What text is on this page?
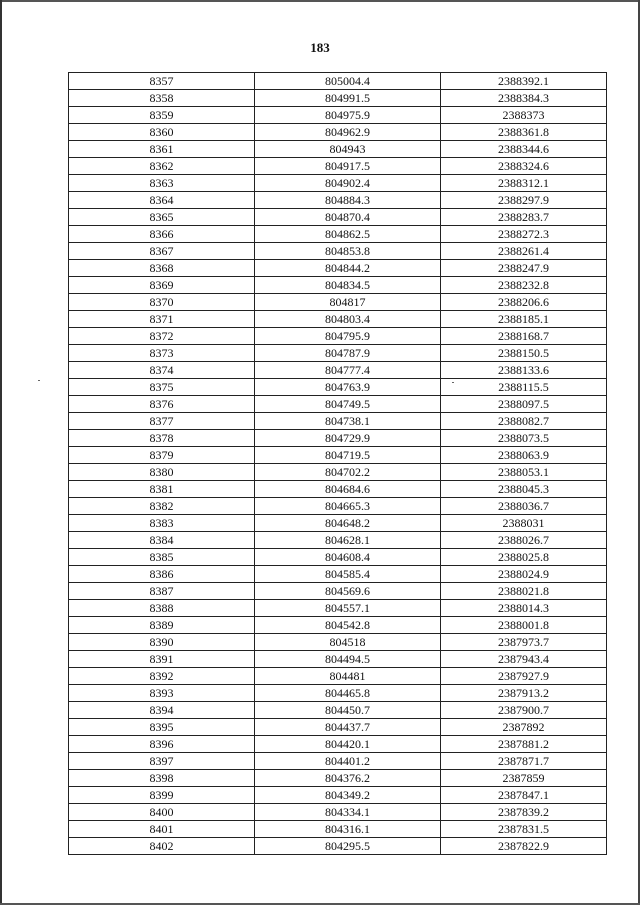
183
8357	805004.4	2388392.1
8358	804991.5	2388384.3
8359	804975.9	2388373
8360	804962.9	2388361.8
8361	804943	2388344.6
8362	804917.5	2388324.6
8363	804902.4	2388312.1
8364	804884.3	2388297.9
8365	804870.4	2388283.7
8366	804862.5	2388272.3
8367	804853.8	2388261.4
8368	804844.2	2388247.9
8369	804834.5	2388232.8
8370	804817	2388206.6
8371	804803.4	2388185.1
8372	804795.9	2388168.7
8373	804787.9	2388150.5
8374	804777.4	2388133.6
8375	804763.9	2388115.5
8376	804749.5	2388097.5
8377	804738.1	2388082.7
8378	804729.9	2388073.5
8379	804719.5	2388063.9
8380	804702.2	2388053.1
8381	804684.6	2388045.3
8382	804665.3	2388036.7
8383	804648.2	2388031
8384	804628.1	2388026.7
8385	804608.4	2388025.8
8386	804585.4	2388024.9
8387	804569.6	2388021.8
8388	804557.1	2388014.3
8389	804542.8	2388001.8
8390	804518	2387973.7
8391	804494.5	2387943.4
8392	804481	2387927.9
8393	804465.8	2387913.2
8394	804450.7	2387900.7
8395	804437.7	2387892
8396	804420.1	2387881.2
8397	804401.2	2387871.7
8398	804376.2	2387859
8399	804349.2	2387847.1
8400	804334.1	2387839.2
8401	804316.1	2387831.5
8402	804295.5	2387822.9
